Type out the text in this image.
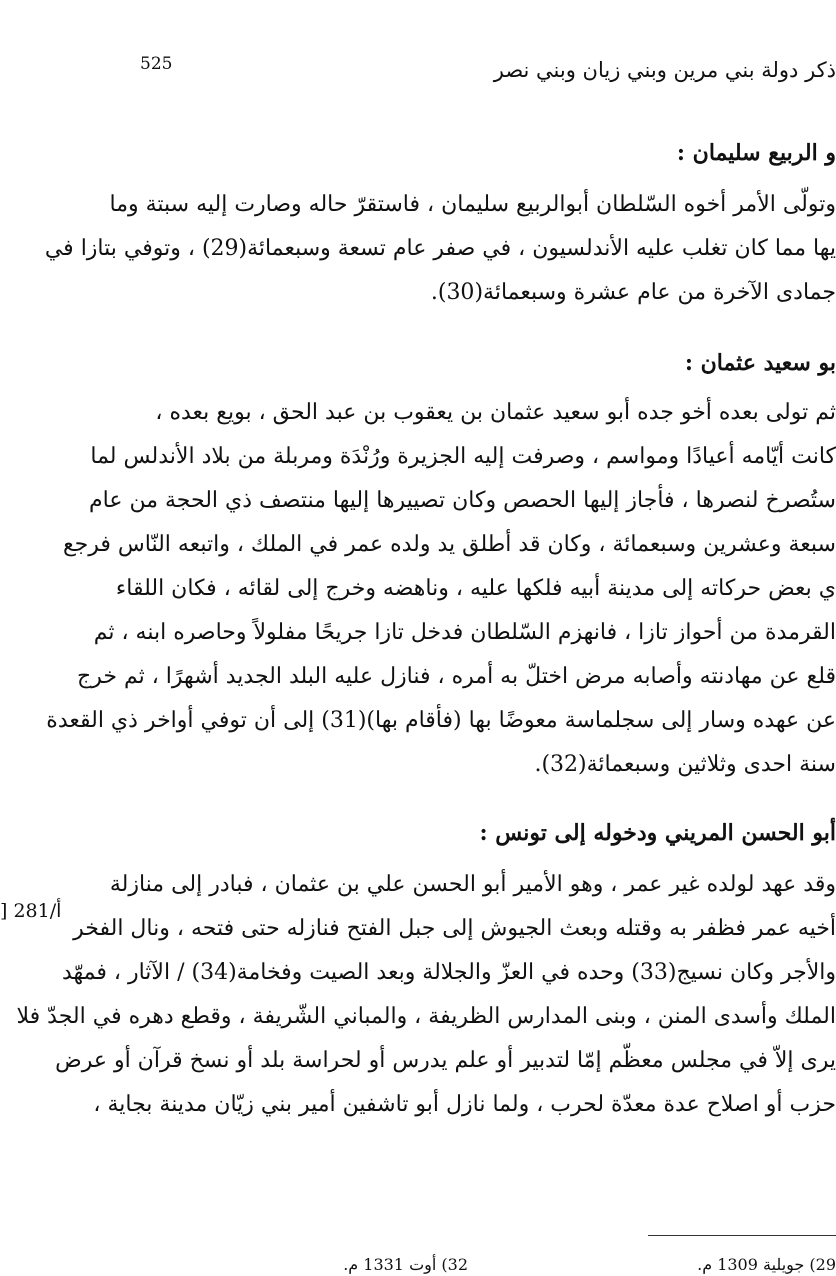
525	ذكر دولة بني مرين وبني زيان وبني نصر
و الربيع سليمان :
وتولّى الأمر أخوه السّلطان أبوالربيع سليمان ، فاستقرّ حاله وصارت إليه سبتة وما
يها مما كان تغلب عليه الأندلسيون ، في صفر عام تسعة وسبعمائة(29) ، وتوفي بتازا في
جمادى الآخرة من عام عشرة وسبعمائة(30).
بو سعيد عثمان :
ثم تولى بعده أخو جده أبو سعيد عثمان بن يعقوب بن عبد الحق ، بويع بعده ،
كانت أيّامه أعيادًا ومواسم ، وصرفت إليه الجزيرة ورُنْدَة ومربلة من بلاد الأندلس لما
ستُصرخ لنصرها ، فأجاز إليها الحصص وكان تصييرها إليها منتصف ذي الحجة من عام
سبعة وعشرين وسبعمائة ، وكان قد أطلق يد ولده عمر في الملك ، واتبعه النّاس فرجع
ي بعض حركاته إلى مدينة أبيه فلكها عليه ، وناهضه وخرج إلى لقائه ، فكان اللقاء
القرمدة من أحواز تازا ، فانهزم السّلطان فدخل تازا جريحًا مفلولاً وحاصره ابنه ، ثم
قلع عن مهادنته وأصابه مرض اختلّ به أمره ، فنازل عليه البلد الجديد أشهرًا ، ثم خرج
عن عهده وسار إلى سجلماسة معوضًا بها (فأقام بها)(31) إلى أن توفي أواخر ذي القعدة
سنة احدى وثلاثين وسبعمائة(32).
أبو الحسن المريني ودخوله إلى تونس :
وقد عهد لولده غير عمر ، وهو الأمير أبو الحسن علي بن عثمان ، فبادر إلى منازلة
أخيه عمر فظفر به وقتله وبعث الجيوش إلى جبل الفتح فنازله حتى فتحه ، ونال الفخر
والأجر وكان نسيج(33) وحده في العزّ والجلالة وبعد الصيت وفخامة(34) / الآثار ، فمهّد
الملك وأسدى المنن ، وبنى المدارس الظريفة ، والمباني الشّريفة ، وقطع دهره في الجدّ فلا
يرى إلاّ في مجلس معظّم إمّا لتدبير أو علم يدرس أو لحراسة بلد أو نسخ قرآن أو عرض
حزب أو اصلاح عدة معدّة لحرب ، ولما نازل أبو تاشفين أمير بني زيّان مدينة بجاية ،
] 281/أ
29) جويلية 1309 م.
32) أوت 1331 م.
